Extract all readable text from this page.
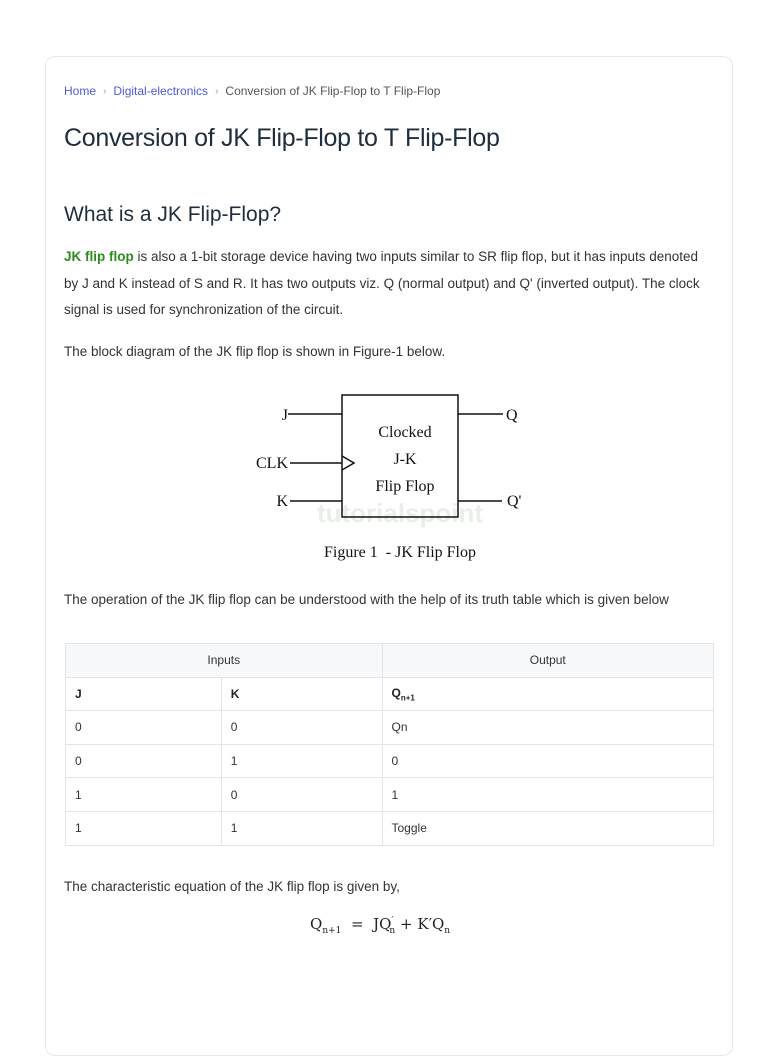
Home › Digital-electronics › Conversion of JK Flip-Flop to T Flip-Flop
Conversion of JK Flip-Flop to T Flip-Flop
What is a JK Flip-Flop?

JK flip flop is also a 1-bit storage device having two inputs similar to SR flip flop, but it has inputs denoted by J and K instead of S and R. It has two outputs viz. Q (normal output) and Q' (inverted output). The clock signal is used for synchronization of the circuit.

The block diagram of the JK flip flop is shown in Figure-1 below.

tutorialspoint
J
CLK
K
Q
Q'
Clocked
J-K
Flip Flop
Figure 1  - JK Flip Flop

The operation of the JK flip flop can be understood with the help of its truth table which is given below

Inputs		Output
J	K	$Q_{n+1}$
0	0	Qn
0	1	0
1	0	1
1	1	Toggle

The characteristic equation of the JK flip flop is given by,

$Q_{n+1} = JQ'_n + K'Q_n$
